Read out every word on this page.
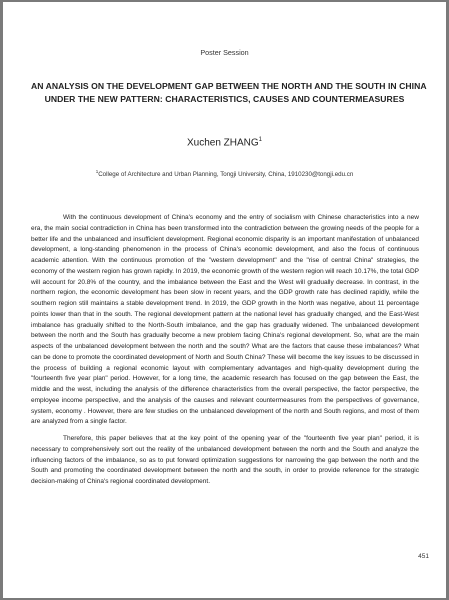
Poster Session
AN ANALYSIS ON THE DEVELOPMENT GAP BETWEEN THE NORTH AND THE SOUTH IN CHINA
UNDER THE NEW PATTERN: CHARACTERISTICS, CAUSES AND COUNTERMEASURES
Xuchen ZHANG$^1$
$^1$College of Architecture and Urban Planning, Tongji University, China, 1910230@tongji.edu.cn

With the continuous development of China's economy and the entry of socialism with Chinese characteristics into a new era, the main social contradiction in China has been transformed into the contradiction between the growing needs of the people for a better life and the unbalanced and insufficient development. Regional economic disparity is an important manifestation of unbalanced development, a long-standing phenomenon in the process of China's economic development, and also the focus of continuous academic attention. With the continuous promotion of the "western development" and the "rise of central China" strategies, the economy of the western region has grown rapidly. In 2019, the economic growth of the western region will reach 10.17%, the total GDP will account for 20.8% of the country, and the imbalance between the East and the West will gradually decrease. In contrast, in the northern region, the economic development has been slow in recent years, and the GDP growth rate has declined rapidly, while the southern region still maintains a stable development trend. In 2019, the GDP growth in the North was negative, about 11 percentage points lower than that in the south. The regional development pattern at the national level has gradually changed, and the East-West imbalance has gradually shifted to the North-South imbalance, and the gap has gradually widened. The unbalanced development between the north and the South has gradually become a new problem facing China's regional development. So, what are the main aspects of the unbalanced development between the north and the south? What are the factors that cause these imbalances? What can be done to promote the coordinated development of North and South China? These will become the key issues to be discussed in the process of building a regional economic layout with complementary advantages and high-quality development during the "fourteenth five year plan" period. However, for a long time, the academic research has focused on the gap between the East, the middle and the west, including the analysis of the difference characteristics from the overall perspective, the factor perspective, the employee income perspective, and the analysis of the causes and relevant countermeasures from the perspectives of governance, system, economy . However, there are few studies on the unbalanced development of the north and South regions, and most of them are analyzed from a single factor.

Therefore, this paper believes that at the key point of the opening year of the "fourteenth five year plan" period, it is necessary to comprehensively sort out the reality of the unbalanced development between the north and the South and analyze the influencing factors of the imbalance, so as to put forward optimization suggestions for narrowing the gap between the north and the South and promoting the coordinated development between the north and the south, in order to provide reference for the strategic decision-making of China's regional coordinated development.

451
